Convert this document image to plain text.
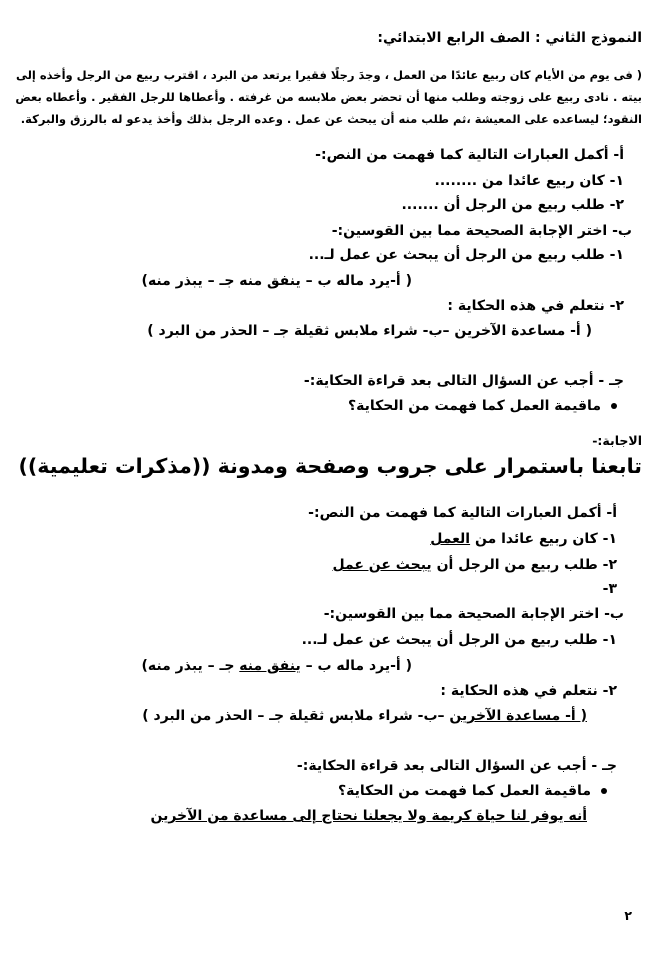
النموذج الثاني : الصف الرابع الابتدائي:

( فى يوم من الأيام كان ربيع عائدًا من العمل ، وجدَ رجلًا فقيرا يرتعد من البرد ، اقترب ربيع من الرجل وأخذه إلى

بيته . نادى ربيع على زوجته وطلب منها أن تحضر بعض ملابسه من غرفته . وأعطاها للرجل الفقير . وأعطاه بعض

النقود؛ ليساعده على المعيشة ،ثم طلب منه أن يبحث عن عمل . وعده الرجل بذلك وأخذ يدعو له بالرزق والبركة.

أ- أكمل العبارات التالية كما فهمت من النص:-

١- كان ربيع عائدا من ........

٢- طلب ربيع من الرجل أن .......

ب- اختر الإجابة الصحيحة مما بين القوسين:-

١- طلب ربيع من الرجل أن يبحث عن عمل لـ...

( أ-يرد ماله ب – ينفق منه جـ – يبذر منه)

٢- نتعلم في هذه الحكاية :

( أ- مساعدة الآخرين –ب- شراء ملابس ثقيلة جـ – الحذر من البرد )

جـ - أجب عن السؤال التالى بعد قراءة الحكاية:-

ماقيمة العمل كما فهمت من الحكاية؟

الاجابة:-

تابعنا باستمرار على جروب وصفحة ومدونة ((مذكرات تعليمية))

أ- أكمل العبارات التالية كما فهمت من النص:-

١- كان ربيع عائدا من العمل

٢- طلب ربيع من الرجل أن يبحث عن عمل

٣-

ب- اختر الإجابة الصحيحة مما بين القوسين:-

١- طلب ربيع من الرجل أن يبحث عن عمل لـ...

( أ-يرد ماله ب – ينفق منه جـ – يبذر منه)

٢- نتعلم في هذه الحكاية :

( أ- مساعدة الآخرين –ب- شراء ملابس ثقيلة جـ – الحذر من البرد )

جـ - أجب عن السؤال التالى بعد قراءة الحكاية:-

ماقيمة العمل كما فهمت من الحكاية؟

أنه يوفر لنا حياة كريمة ولا يجعلنا نحتاج إلى مساعدة من الآخرين

٢
